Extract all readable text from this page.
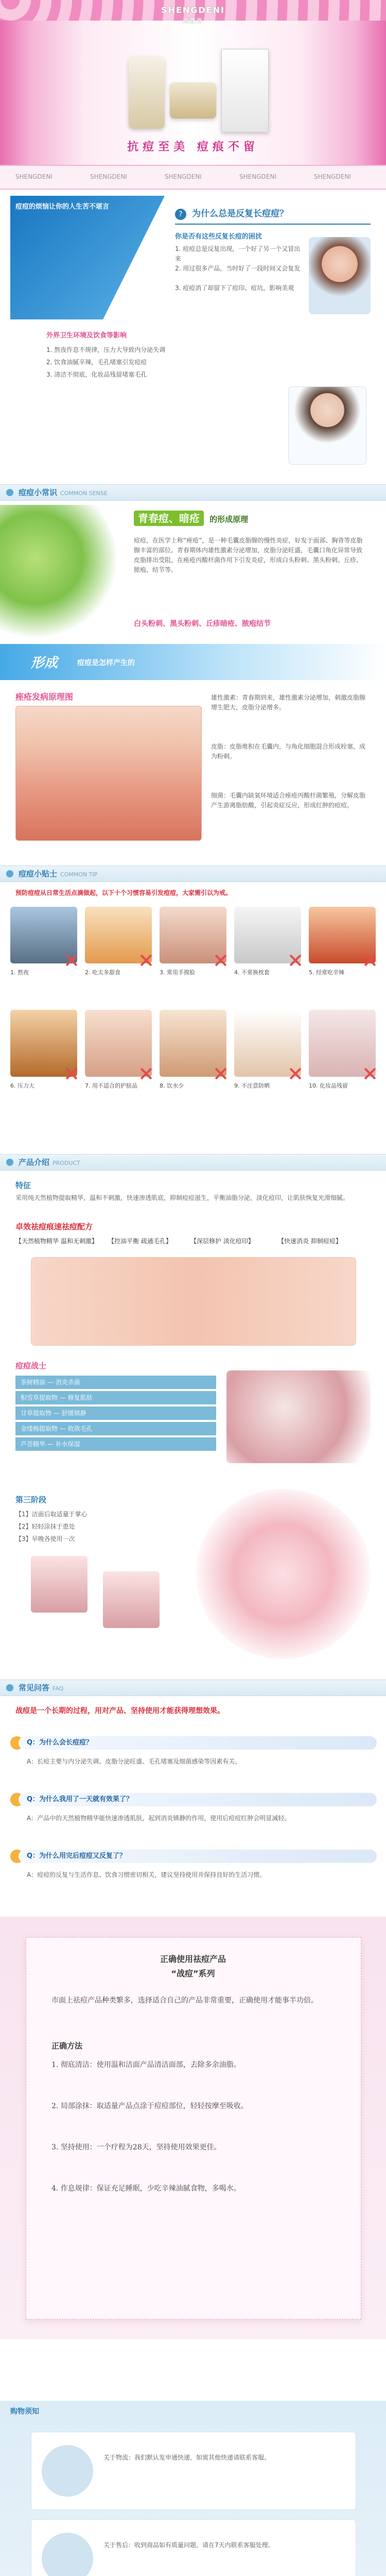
SHENGDENI
尚蔻亚
抗痘至美 痘痕不留
SHENGDENI	SHENGDENI	SHENGDENI	SHENGDENI	SHENGDENI
痘痘的烦恼让你的人生苦不堪言
? 为什么总是反复长痘痘？
你是否有这些反复长痘的困扰
1. 痘痘总是反复出现，一个好了另一个又冒出来
2. 用过很多产品，当时好了一段时间又会复发
3. 痘痘消了却留下了痘印、痘坑，影响美观
外界卫生环境及饮食等影响
1. 熬夜作息不规律，压力大导致内分泌失调
2. 饮食油腻辛辣，毛孔堵塞引发痘痘
3. 清洁不彻底，化妆品残留堵塞毛孔
痘痘小常识 COMMON SENSE
青春痘、暗疮 的形成原理
痘痘，在医学上称“痤疮”，是一种毛囊皮脂腺的慢性炎症，好发于面部、胸背等皮脂腺丰富的部位。青春期体内雄性激素分泌增加，皮脂分泌旺盛，毛囊口角化异常导致皮脂排出受阻，在痤疮丙酸杆菌作用下引发炎症，形成白头粉刺、黑头粉刺、丘疹、脓疱、结节等。
白头粉刺、黑头粉刺、丘疹暗疮、脓疱结节
形成	痘痘是怎样产生的
痤疮发病原理图	雄性激素：青春期到来，雄性激素分泌增加，刺激皮脂腺增生肥大，皮脂分泌增多。
皮脂：皮脂堆积在毛囊内，与角化细胞混合形成栓塞，成为粉刺。
细菌：毛囊内缺氧环境适合痤疮丙酸杆菌繁殖，分解皮脂产生游离脂肪酸，引起炎症反应，形成红肿的痘痘。
痘痘小贴士 COMMON TIP
预防痘痘从日常生活点滴做起，以下十个习惯容易引发痘痘，大家需引以为戒。
1. 熬夜	2. 吃太多甜食	3. 常用手摸脸	4. 不常换枕套	5. 经常吃辛辣
6. 压力大	7. 用不适合的护肤品	8. 饮水少	9. 不注意防晒	10. 化妆品残留
产品介绍 PRODUCT
特征
采用纯天然植物提取精华，温和不刺激，快速渗透肌底，抑制痘痘滋生，平衡油脂分泌，淡化痘印，让肌肤恢复光滑细腻。
卓效祛痘痕速祛痘配方
【天然植物精华 温和无刺激】 【控油平衡 疏通毛孔】	【深层修护 淡化痘印】	【快速消炎 抑制痘痘】
痘痘战士
茶树精油 — 消炎杀菌
积雪草提取物 — 修复肌肤
甘草提取物 — 舒缓镇静
金缕梅提取物 — 收敛毛孔
芦荟精华 — 补水保湿
第三阶段
【1】洁面后取适量于掌心
【2】轻轻涂抹于患处
【3】早晚各使用一次
常见问答 FAQ
战痘是一个长期的过程，用对产品、坚持使用才能获得理想效果。
Q：为什么会长痘痘？
A：长痘主要与内分泌失调、皮脂分泌旺盛、毛孔堵塞及细菌感染等因素有关。
Q：为什么我用了一天就有效果了？
A：产品中的天然植物精华能快速渗透肌肤，起到消炎镇静的作用，使用后痘痘红肿会明显减轻。
Q：为什么用完后痘痘又反复了？
A：痘痘的反复与生活作息、饮食习惯密切相关，建议坚持使用并保持良好的生活习惯。
正确使用祛痘产品
“战痘”系列
市面上祛痘产品种类繁多，选择适合自己的产品非常重要，正确使用才能事半功倍。
正确方法
1. 彻底清洁：使用温和洁面产品清洁面部，去除多余油脂。
2. 局部涂抹：取适量产品点涂于痘痘部位，轻轻按摩至吸收。
3. 坚持使用：一个疗程为28天，坚持使用效果更佳。
4. 作息规律：保证充足睡眠，少吃辛辣油腻食物，多喝水。
购物须知
关于物流：我们默认发申通快递，如需其他快递请联系客服。
关于售后：收到商品如有质量问题，请在7天内联系客服处理。
